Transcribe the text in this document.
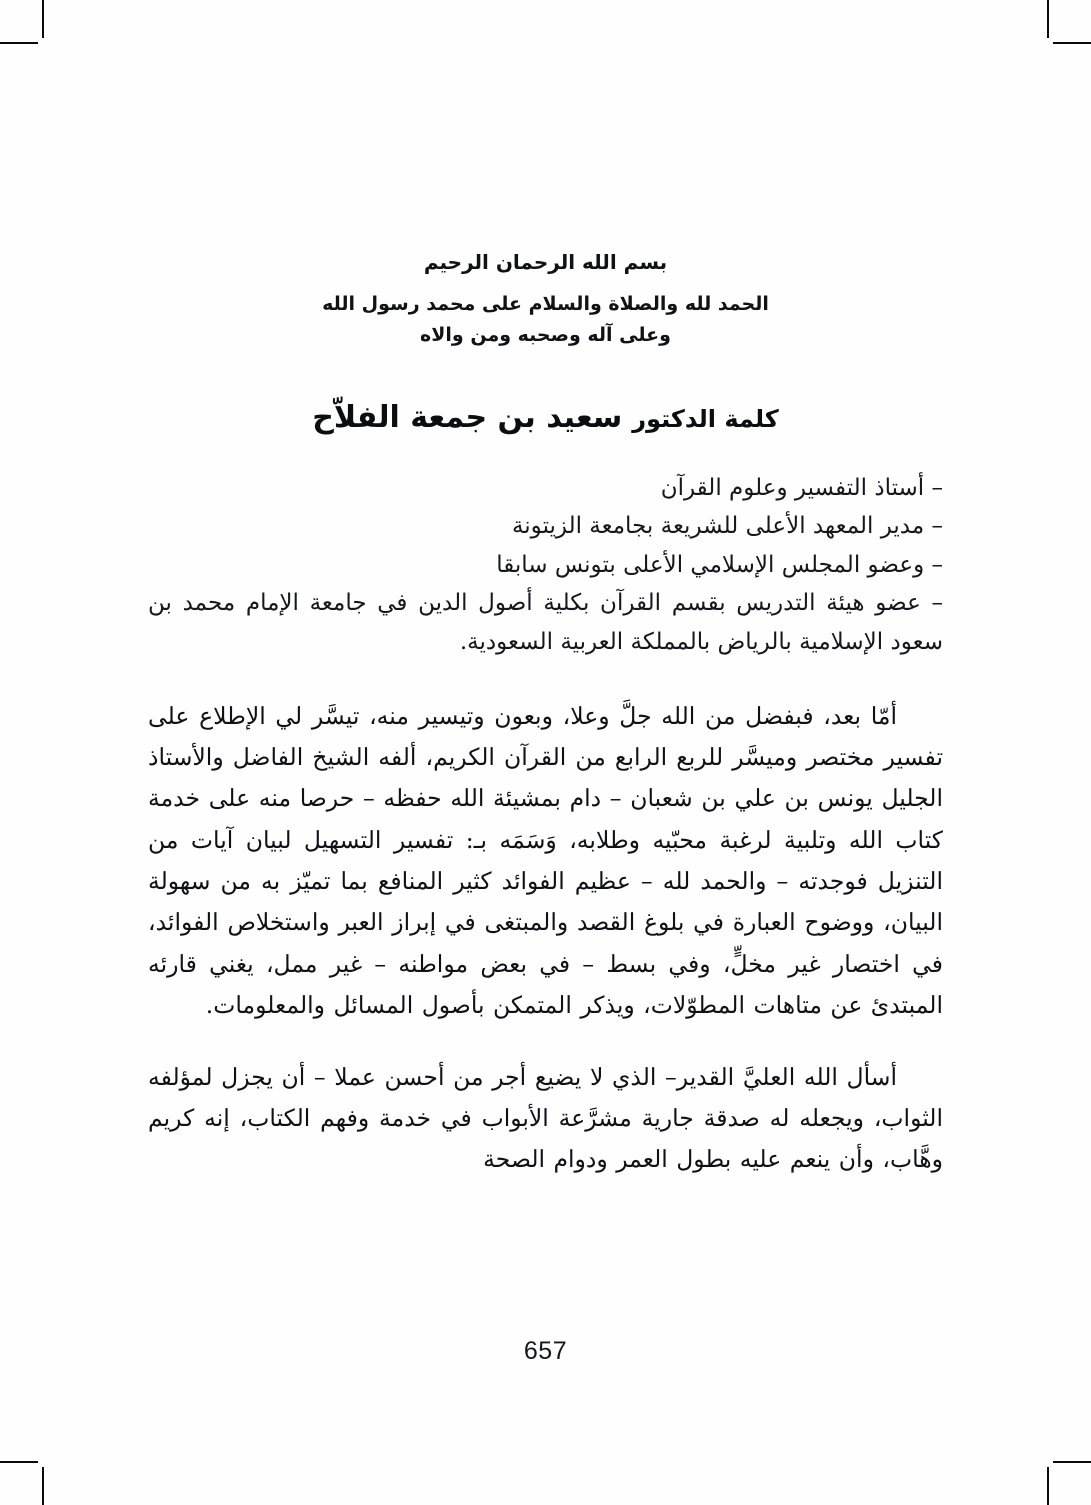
بسم الله الرحمان الرحيم
الحمد لله والصلاة والسلام على محمد رسول الله
وعلى آله وصحبه ومن والاه
كلمة الدكتورسعيد بن جمعة الفلاّح
– أستاذ التفسير وعلوم القرآن
– مدير المعهد الأعلى للشريعة بجامعة الزيتونة
– وعضو المجلس الإسلامي الأعلى بتونس سابقا
– عضو هيئة التدريس بقسم القرآن بكلية أصول الدين في جامعة الإمام محمد بن سعود الإسلامية بالرياض بالمملكة العربية السعودية.

أمّا بعد، فبفضل من الله جلَّ وعلا، وبعون وتيسير منه، تيسَّر لي الإطلاع على تفسير مختصر وميسَّر للربع الرابع من القرآن الكريم، ألفه الشيخ الفاضل والأستاذ الجليل يونس بن علي بن شعبان – دام بمشيئة الله حفظه – حرصا منه على خدمة كتاب الله وتلبية لرغبة محبّيه وطلابه، وَسَمَه بـ: تفسير التسهيل لبيان آيات من التنزيل فوجدته – والحمد لله – عظيم الفوائد كثير المنافع بما تميّز به من سهولة البيان، ووضوح العبارة في بلوغ القصد والمبتغى في إبراز العبر واستخلاص الفوائد، في اختصار غير مخلٍّ، وفي بسط – في بعض مواطنه – غير ممل، يغني قارئه المبتدئ عن متاهات المطوّلات، ويذكر المتمكن بأصول المسائل والمعلومات.

أسأل الله العليَّ القدير– الذي لا يضيع أجر من أحسن عملا – أن يجزل لمؤلفه الثواب، ويجعله له صدقة جارية مشرَّعة الأبواب في خدمة وفهم الكتاب، إنه كريم وهَّاب، وأن ينعم عليه بطول العمر ودوام الصحة

657
